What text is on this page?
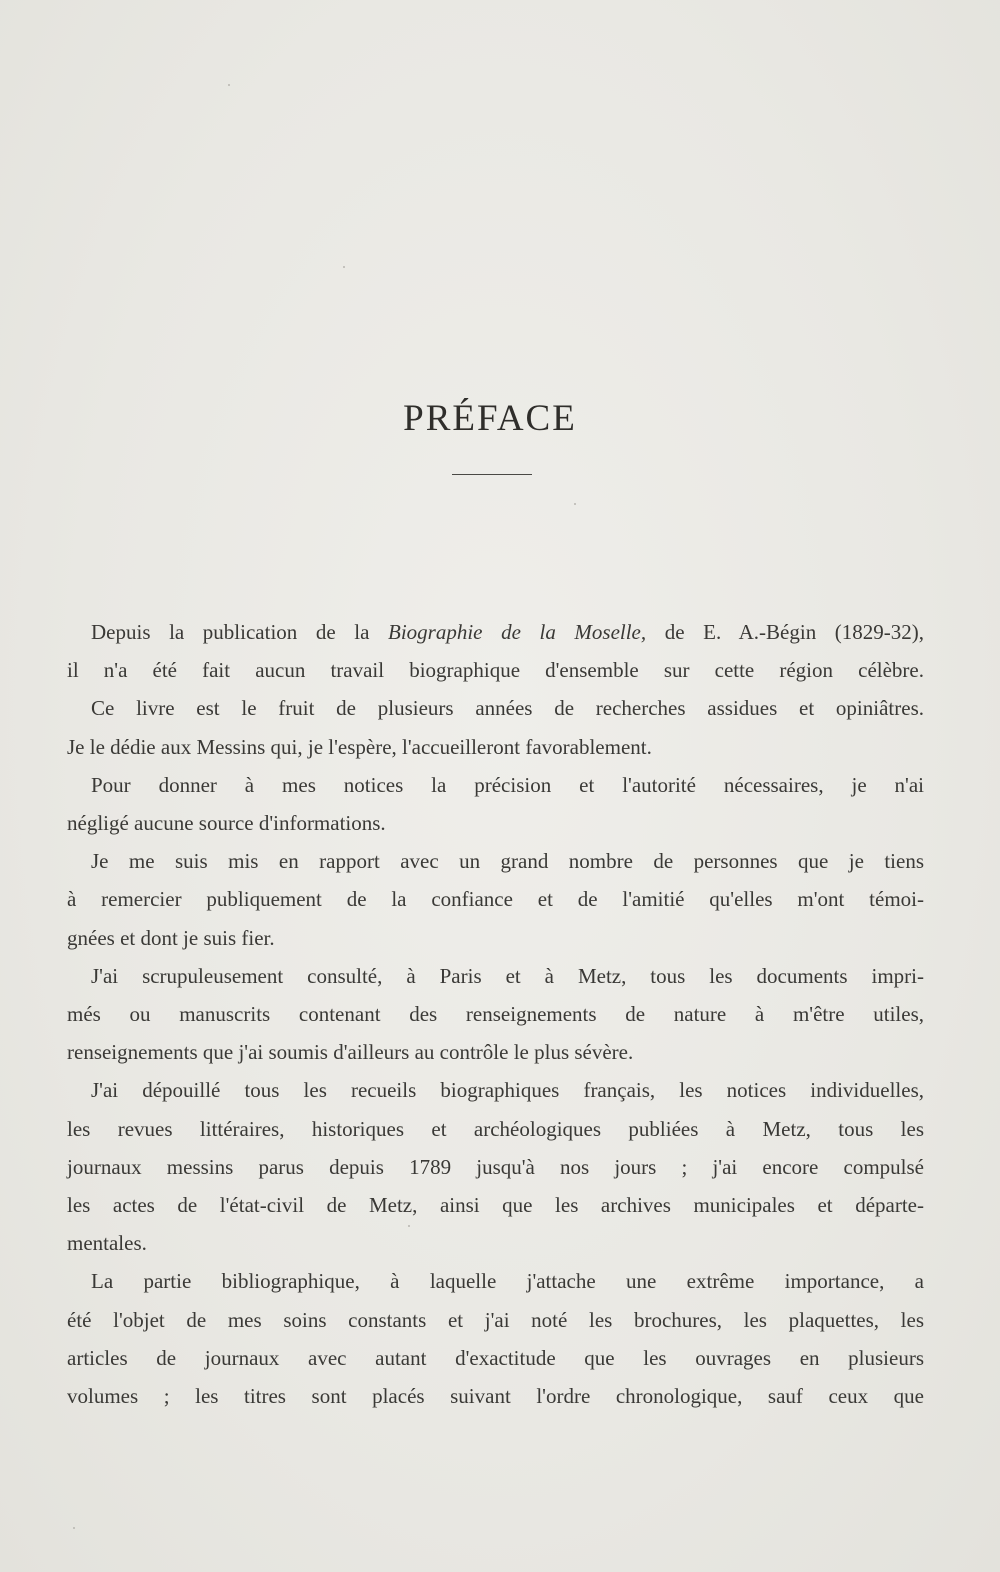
PRÉFACE
Depuis la publication de la Biographie de la Moselle, de E. A.-Bégin (1829-32),
il n'a été fait aucun travail biographique d'ensemble sur cette région célèbre.
Ce livre est le fruit de plusieurs années de recherches assidues et opiniâtres.
Je le dédie aux Messins qui, je l'espère, l'accueilleront favorablement.
Pour donner à mes notices la précision et l'autorité nécessaires, je n'ai
négligé aucune source d'informations.
Je me suis mis en rapport avec un grand nombre de personnes que je tiens
à remercier publiquement de la confiance et de l'amitié qu'elles m'ont témoi-
gnées et dont je suis fier.
J'ai scrupuleusement consulté, à Paris et à Metz, tous les documents impri-
més ou manuscrits contenant des renseignements de nature à m'être utiles,
renseignements que j'ai soumis d'ailleurs au contrôle le plus sévère.
J'ai dépouillé tous les recueils biographiques français, les notices individuelles,
les revues littéraires, historiques et archéologiques publiées à Metz, tous les
journaux messins parus depuis 1789 jusqu'à nos jours ; j'ai encore compulsé
les actes de l'état-civil de Metz, ainsi que les archives municipales et départe-
mentales.
La partie bibliographique, à laquelle j'attache une extrême importance, a
été l'objet de mes soins constants et j'ai noté les brochures, les plaquettes, les
articles de journaux avec autant d'exactitude que les ouvrages en plusieurs
volumes ; les titres sont placés suivant l'ordre chronologique, sauf ceux que
